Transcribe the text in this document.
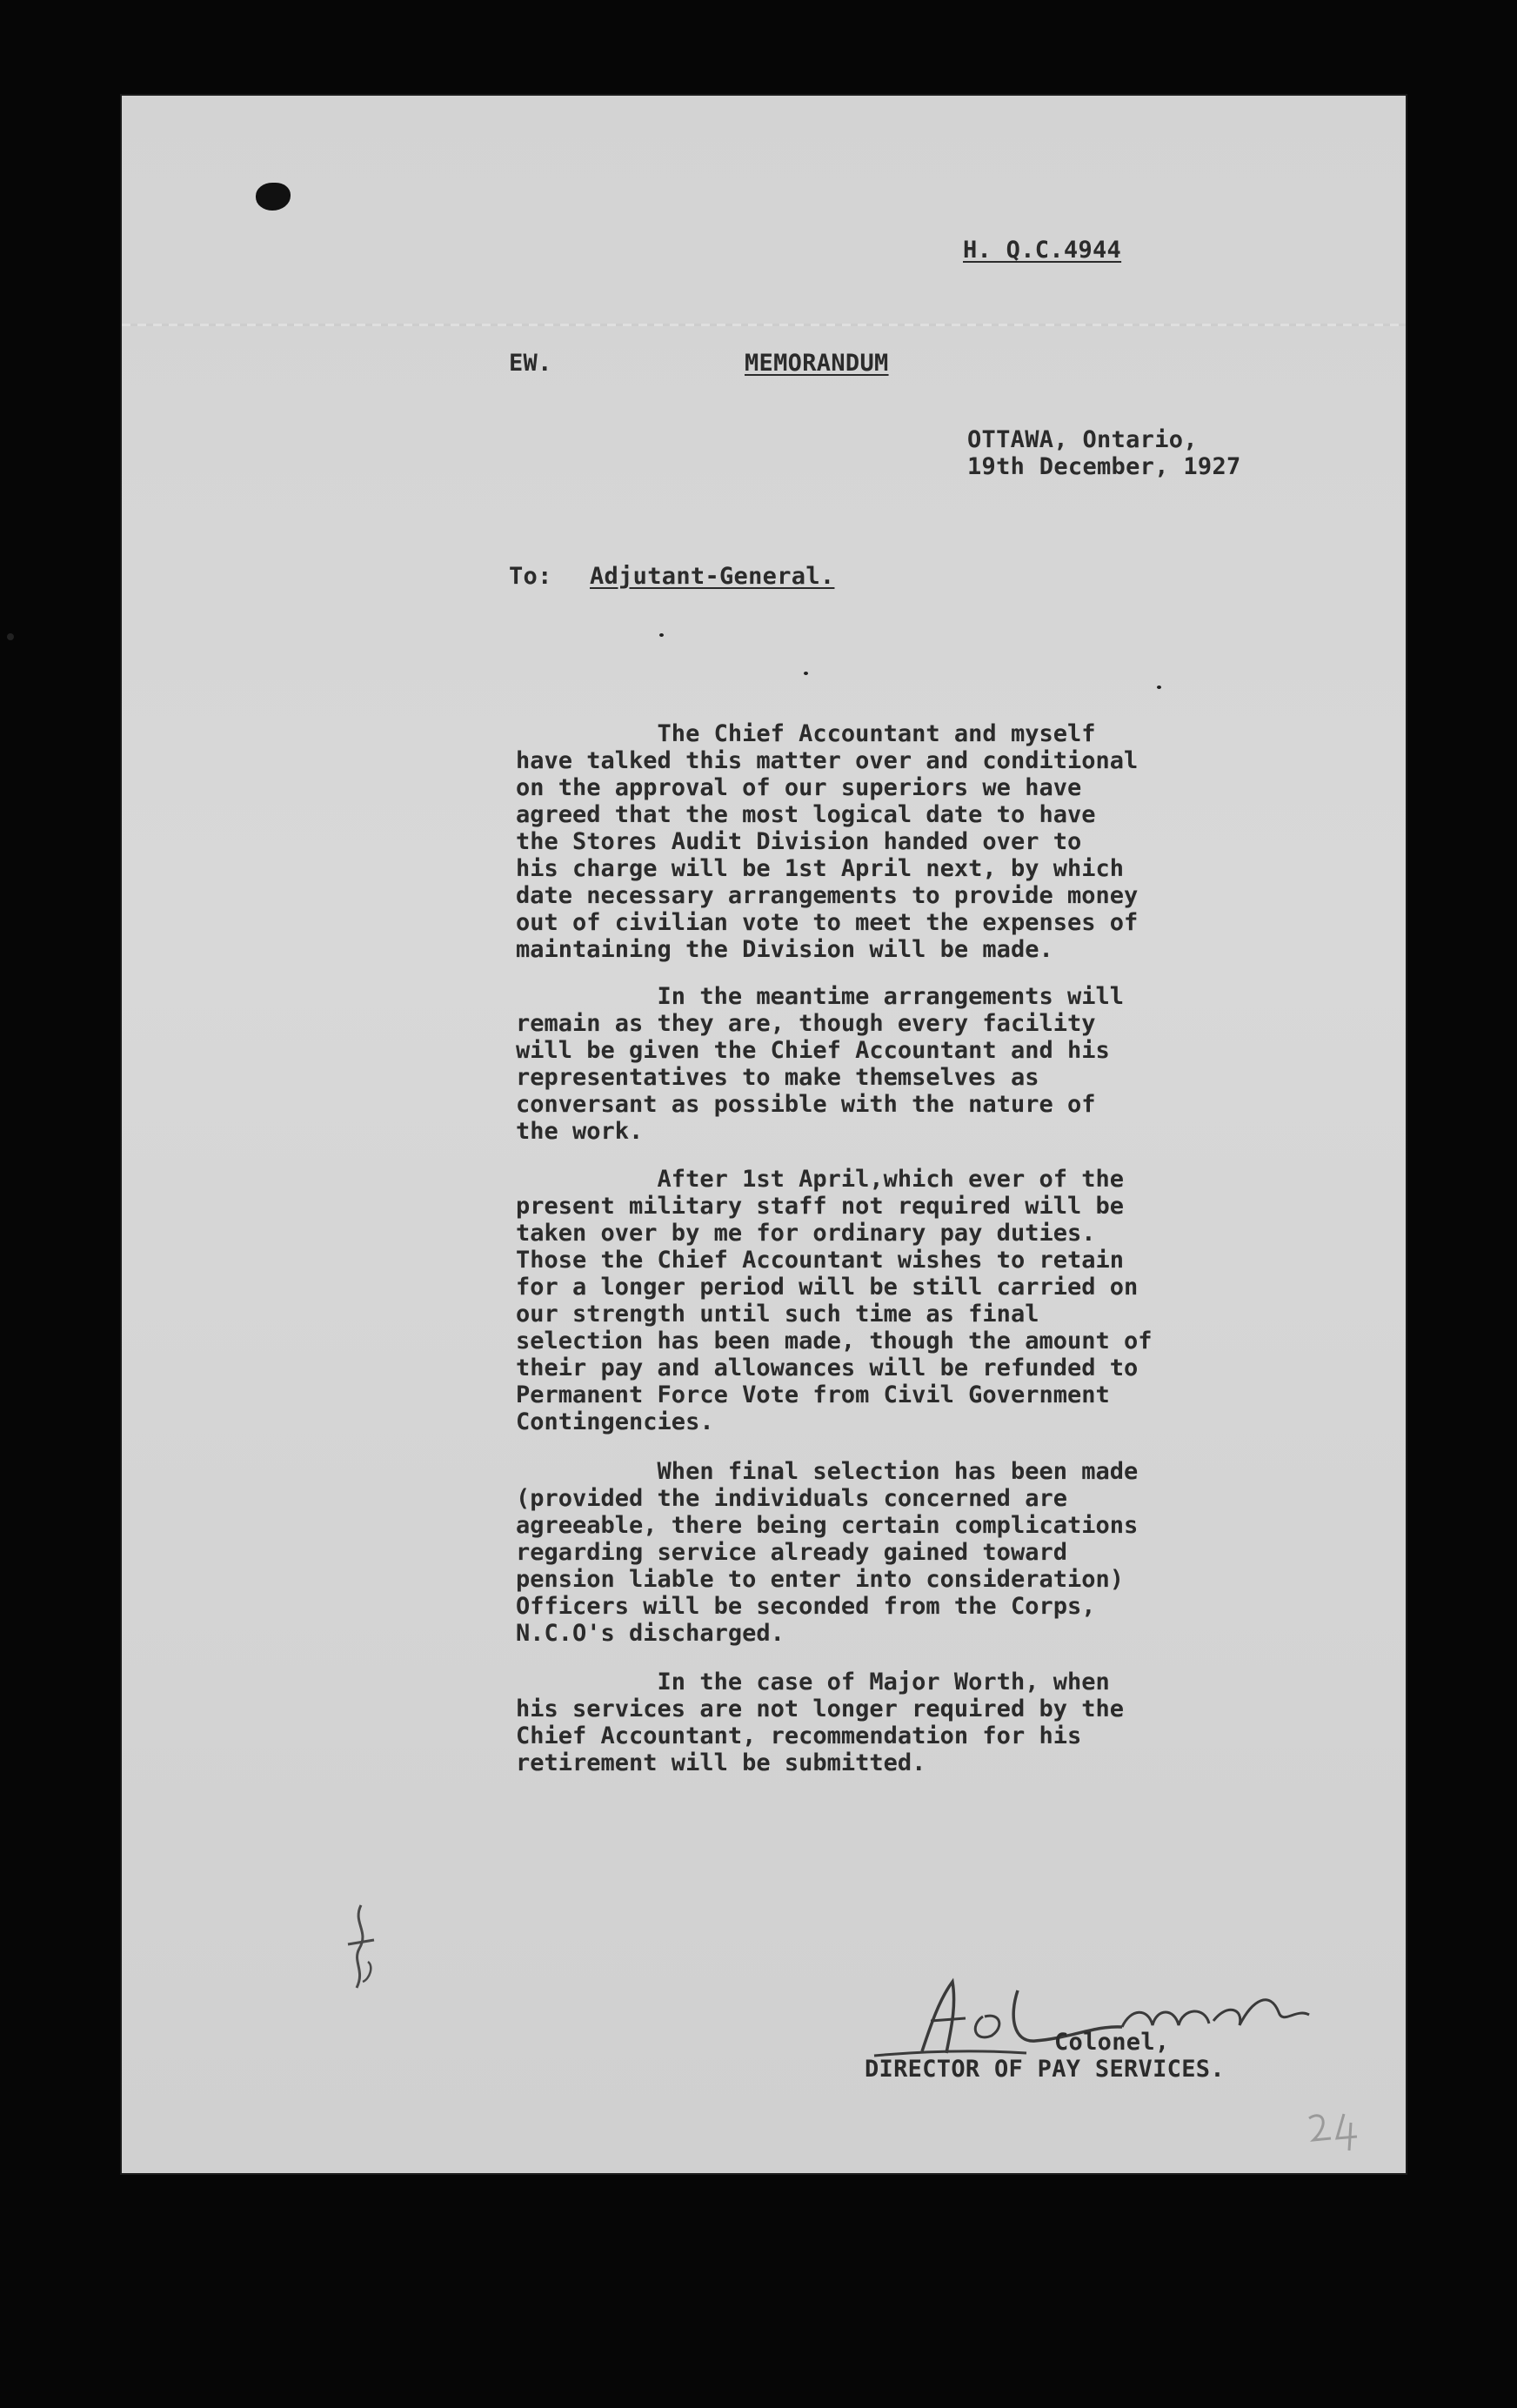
H. Q.C.4944
EW.	MEMORANDUM
OTTAWA, Ontario,
19th December, 1927
To: Adjutant-General.
The Chief Accountant and myself
have talked this matter over and conditional
on the approval of our superiors we have
agreed that the most logical date to have
the Stores Audit Division handed over to
his charge will be 1st April next, by which
date necessary arrangements to provide money
out of civilian vote to meet the expenses of
maintaining the Division will be made.
In the meantime arrangements will
remain as they are, though every facility
will be given the Chief Accountant and his
representatives to make themselves as
conversant as possible with the nature of
the work.
After 1st April,which ever of the
present military staff not required will be
taken over by me for ordinary pay duties.
Those the Chief Accountant wishes to retain
for a longer period will be still carried on
our strength until such time as final
selection has been made, though the amount of
their pay and allowances will be refunded to
Permanent Force Vote from Civil Government
Contingencies.
When final selection has been made
(provided the individuals concerned are
agreeable, there being certain complications
regarding service already gained toward
pension liable to enter into consideration)
Officers will be seconded from the Corps,
N.C.O's discharged.
In the case of Major Worth, when
his services are not longer required by the
Chief Accountant, recommendation for his
retirement will be submitted.
Colonel,
DIRECTOR OF PAY SERVICES.
